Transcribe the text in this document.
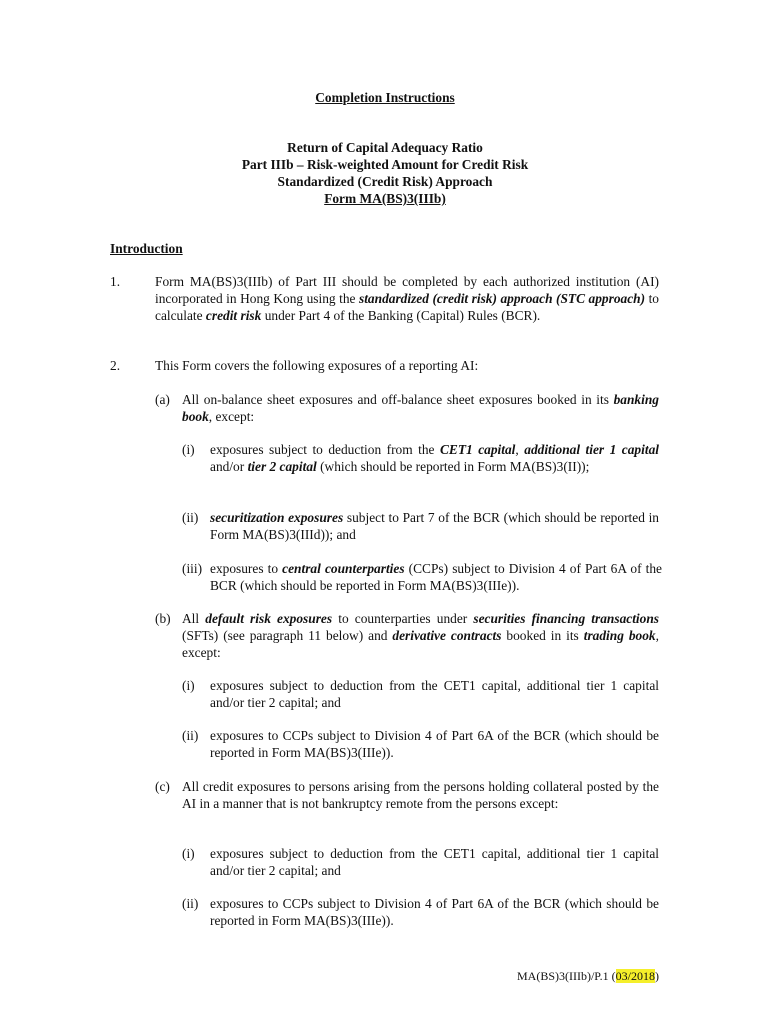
Completion Instructions
Return of Capital Adequacy Ratio
Part IIIb – Risk-weighted Amount for Credit Risk
Standardized (Credit Risk) Approach
Form MA(BS)3(IIIb)
Introduction
1.	Form MA(BS)3(IIIb) of Part III should be completed by each authorized institution (AI) incorporated in Hong Kong using the standardized (credit risk) approach (STC approach) to calculate credit risk under Part 4 of the Banking (Capital) Rules (BCR).
2.	This Form covers the following exposures of a reporting AI:
(a) All on-balance sheet exposures and off-balance sheet exposures booked in its banking book, except:
(i) exposures subject to deduction from the CET1 capital, additional tier 1 capital and/or tier 2 capital (which should be reported in Form MA(BS)3(II));
(ii) securitization exposures subject to Part 7 of the BCR (which should be reported in Form MA(BS)3(IIId)); and
(iii) exposures to central counterparties (CCPs) subject to Division 4 of Part 6A of the BCR (which should be reported in Form MA(BS)3(IIIe)).
(b) All default risk exposures to counterparties under securities financing transactions (SFTs) (see paragraph 11 below) and derivative contracts booked in its trading book, except:
(i) exposures subject to deduction from the CET1 capital, additional tier 1 capital and/or tier 2 capital; and
(ii) exposures to CCPs subject to Division 4 of Part 6A of the BCR (which should be reported in Form MA(BS)3(IIIe)).
(c) All credit exposures to persons arising from the persons holding collateral posted by the AI in a manner that is not bankruptcy remote from the persons except:
(i) exposures subject to deduction from the CET1 capital, additional tier 1 capital and/or tier 2 capital; and
(ii) exposures to CCPs subject to Division 4 of Part 6A of the BCR (which should be reported in Form MA(BS)3(IIIe)).
MA(BS)3(IIIb)/P.1 (03/2018)
